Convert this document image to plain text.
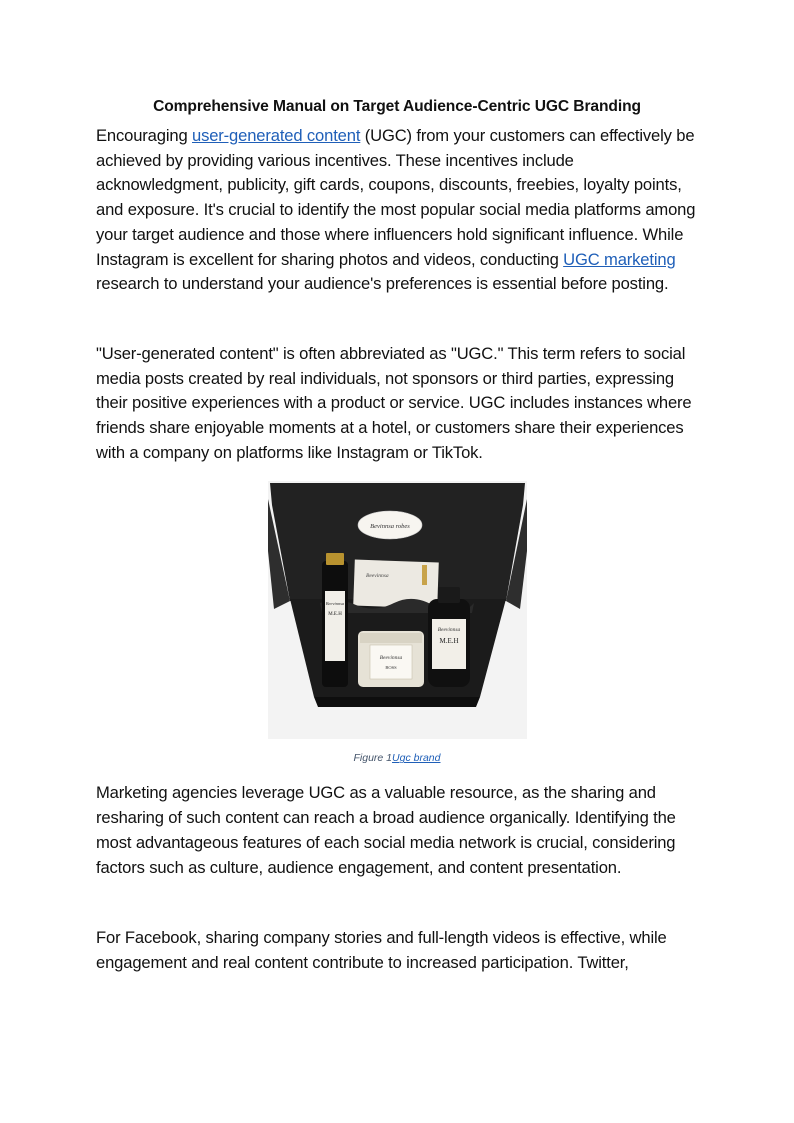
Comprehensive Manual on Target Audience-Centric UGC Branding

Encouraging user-generated content (UGC) from your customers can effectively be achieved by providing various incentives. These incentives include acknowledgment, publicity, gift cards, coupons, discounts, freebies, loyalty points, and exposure. It's crucial to identify the most popular social media platforms among your target audience and those where influencers hold significant influence. While Instagram is excellent for sharing photos and videos, conducting UGC marketing research to understand your audience's preferences is essential before posting.

"User-generated content" is often abbreviated as "UGC." This term refers to social media posts created by real individuals, not sponsors or third parties, expressing their positive experiences with a product or service. UGC includes instances where friends share enjoyable moments at a hotel, or customers share their experiences with a company on platforms like Instagram or TikTok.

Bevinnsa robes
Beevinnsa
Beevinnsa
M.E.H
Beevinnsa
BOSS
Beevinnsa
M.E.H
Figure 1Ugc brand

Marketing agencies leverage UGC as a valuable resource, as the sharing and resharing of such content can reach a broad audience organically. Identifying the most advantageous features of each social media network is crucial, considering factors such as culture, audience engagement, and content presentation.

For Facebook, sharing company stories and full-length videos is effective, while engagement and real content contribute to increased participation. Twitter,
